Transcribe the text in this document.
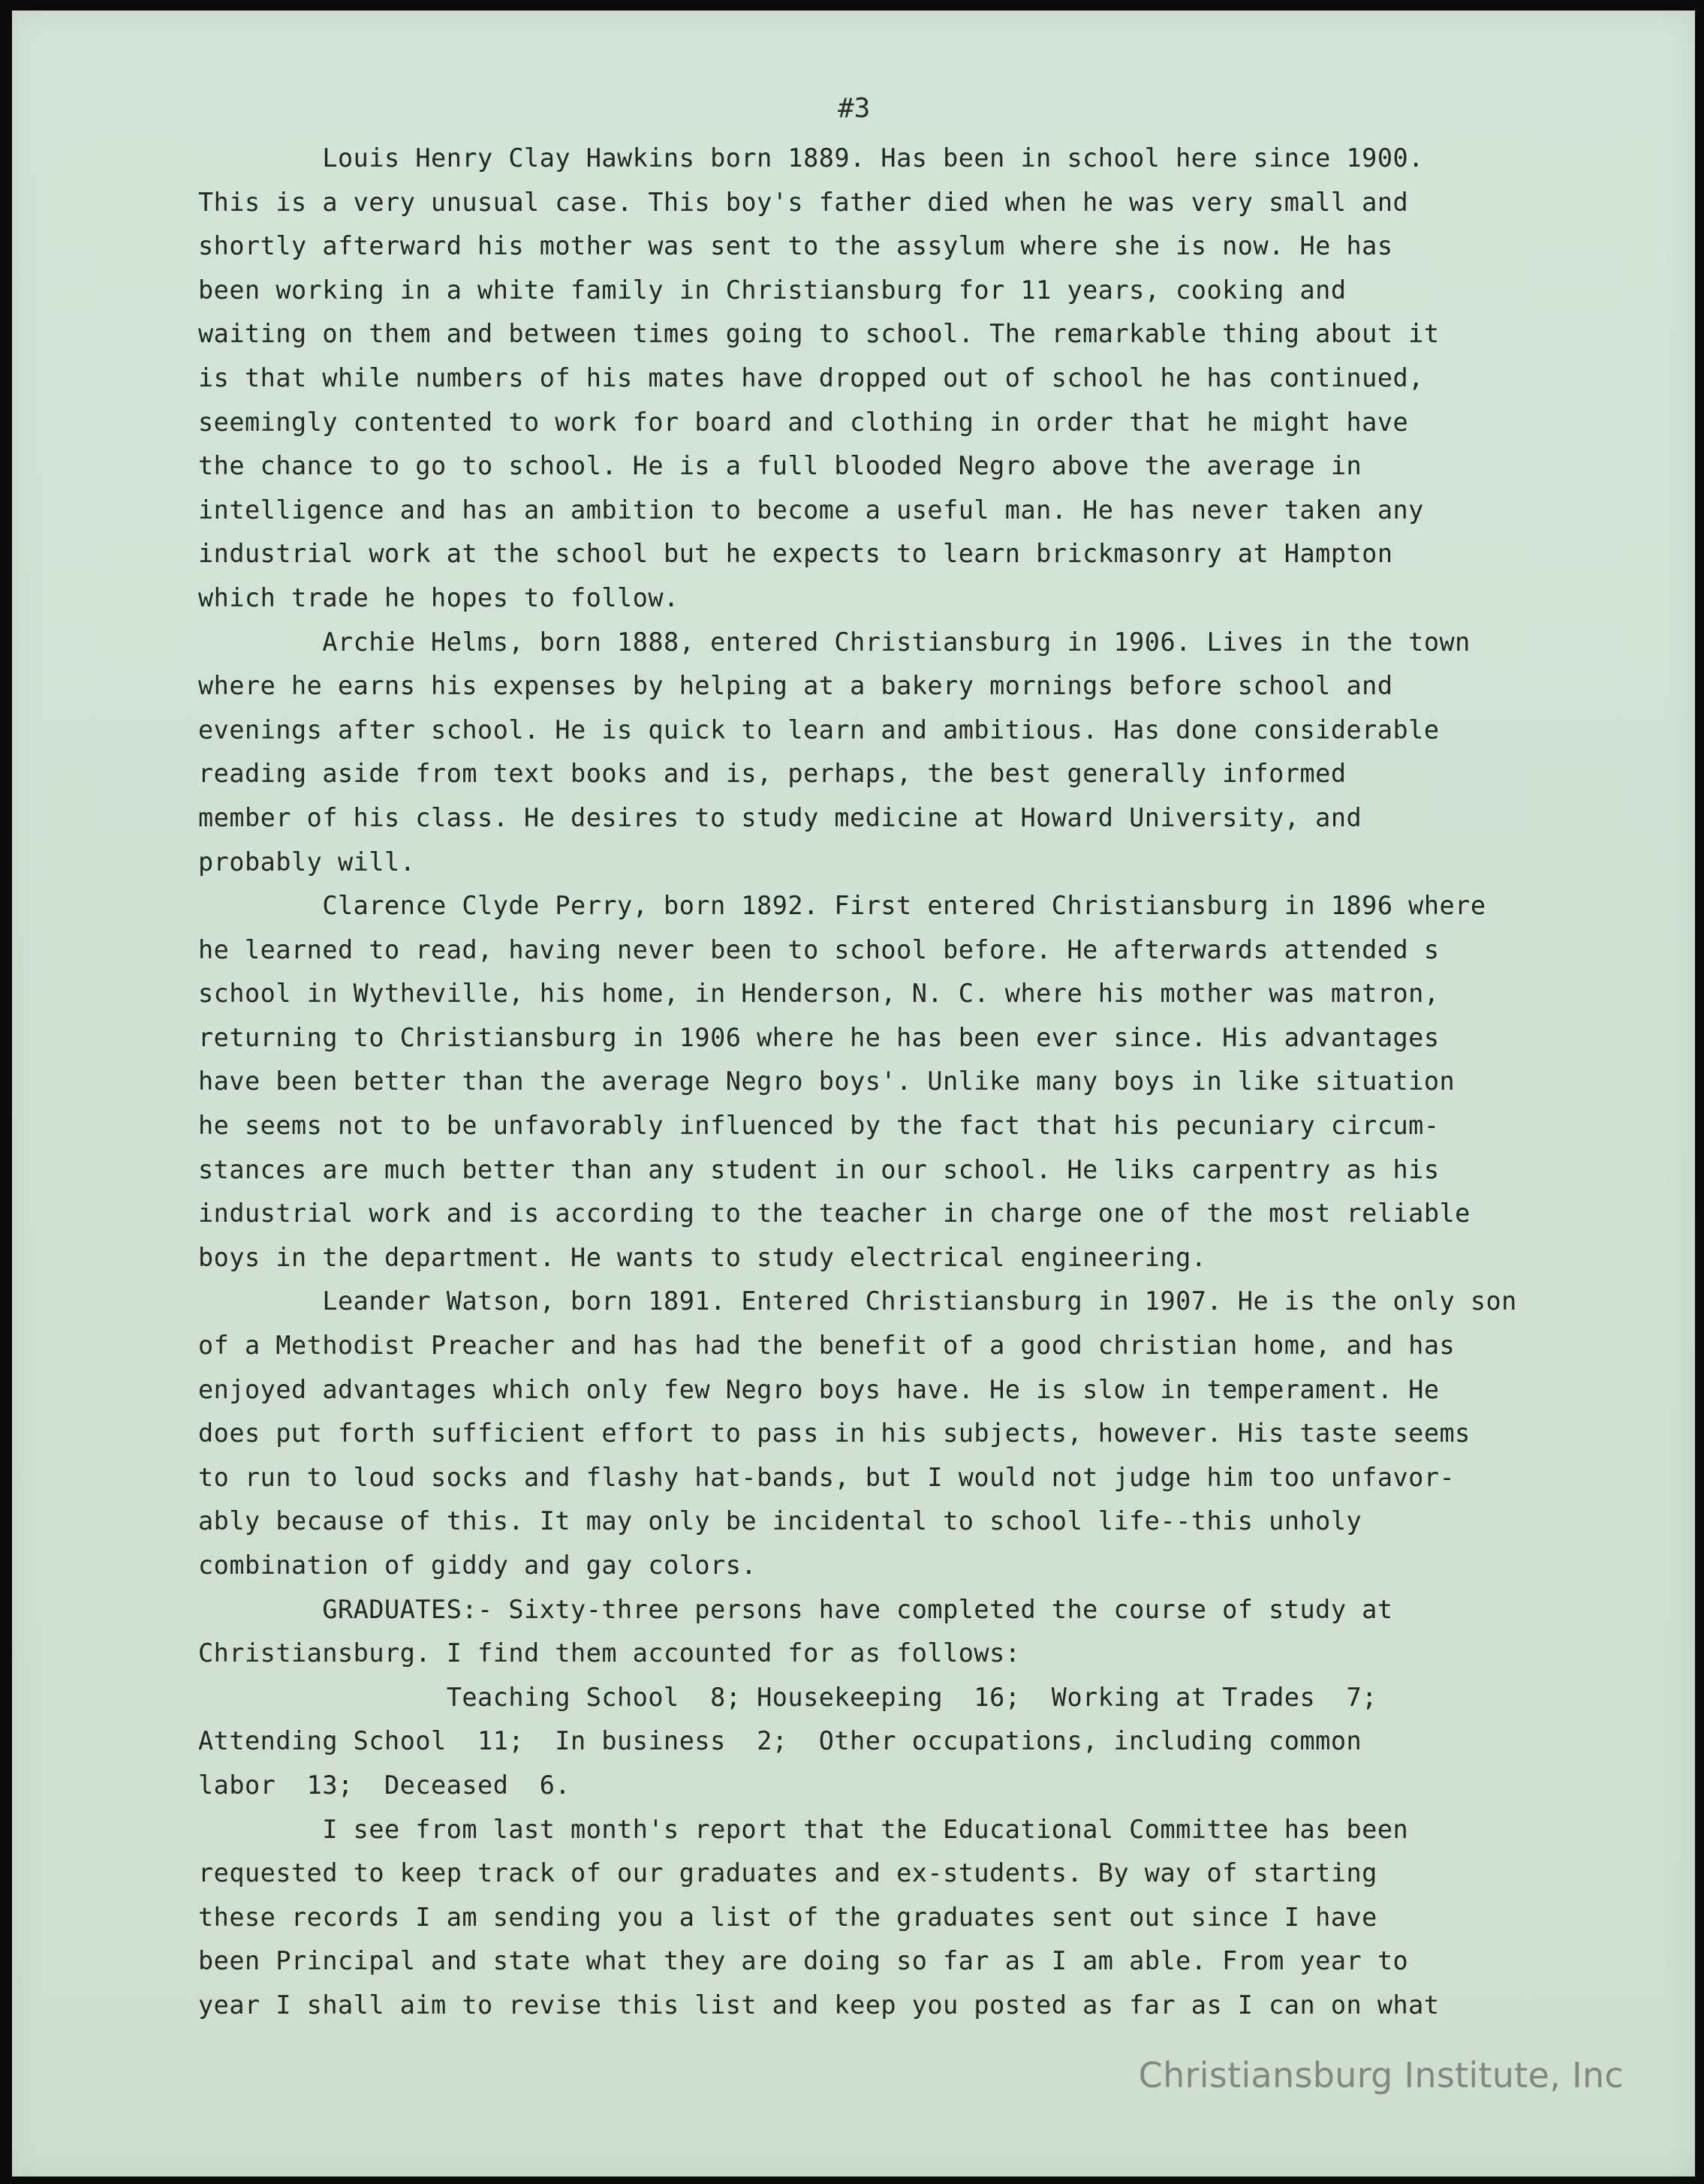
#3
Louis Henry Clay Hawkins born 1889. Has been in school here since 1900.
This is a very unusual case. This boy's father died when he was very small and
shortly afterward his mother was sent to the assylum where she is now. He has
been working in a white family in Christiansburg for 11 years, cooking and
waiting on them and between times going to school. The remarkable thing about it
is that while numbers of his mates have dropped out of school he has continued,
seemingly contented to work for board and clothing in order that he might have
the chance to go to school. He is a full blooded Negro above the average in
intelligence and has an ambition to become a useful man. He has never taken any
industrial work at the school but he expects to learn brickmasonry at Hampton
which trade he hopes to follow.
Archie Helms, born 1888, entered Christiansburg in 1906. Lives in the town
where he earns his expenses by helping at a bakery mornings before school and
evenings after school. He is quick to learn and ambitious. Has done considerable
reading aside from text books and is, perhaps, the best generally informed
member of his class. He desires to study medicine at Howard University, and
probably will.
Clarence Clyde Perry, born 1892. First entered Christiansburg in 1896 where
he learned to read, having never been to school before. He afterwards attended s
school in Wytheville, his home, in Henderson, N. C. where his mother was matron,
returning to Christiansburg in 1906 where he has been ever since. His advantages
have been better than the average Negro boys'. Unlike many boys in like situation
he seems not to be unfavorably influenced by the fact that his pecuniary circum-
stances are much better than any student in our school. He liks carpentry as his
industrial work and is according to the teacher in charge one of the most reliable
boys in the department. He wants to study electrical engineering.
Leander Watson, born 1891. Entered Christiansburg in 1907. He is the only son
of a Methodist Preacher and has had the benefit of a good christian home, and has
enjoyed advantages which only few Negro boys have. He is slow in temperament. He
does put forth sufficient effort to pass in his subjects, however. His taste seems
to run to loud socks and flashy hat-bands, but I would not judge him too unfavor-
ably because of this. It may only be incidental to school life--this unholy
combination of giddy and gay colors.
GRADUATES:- Sixty-three persons have completed the course of study at
Christiansburg. I find them accounted for as follows:
Teaching School  8; Housekeeping  16;  Working at Trades  7;
Attending School  11;  In business  2;  Other occupations, including common
labor  13;  Deceased  6.
I see from last month's report that the Educational Committee has been
requested to keep track of our graduates and ex-students. By way of starting
these records I am sending you a list of the graduates sent out since I have
been Principal and state what they are doing so far as I am able. From year to
year I shall aim to revise this list and keep you posted as far as I can on what
Christiansburg Institute, Inc
